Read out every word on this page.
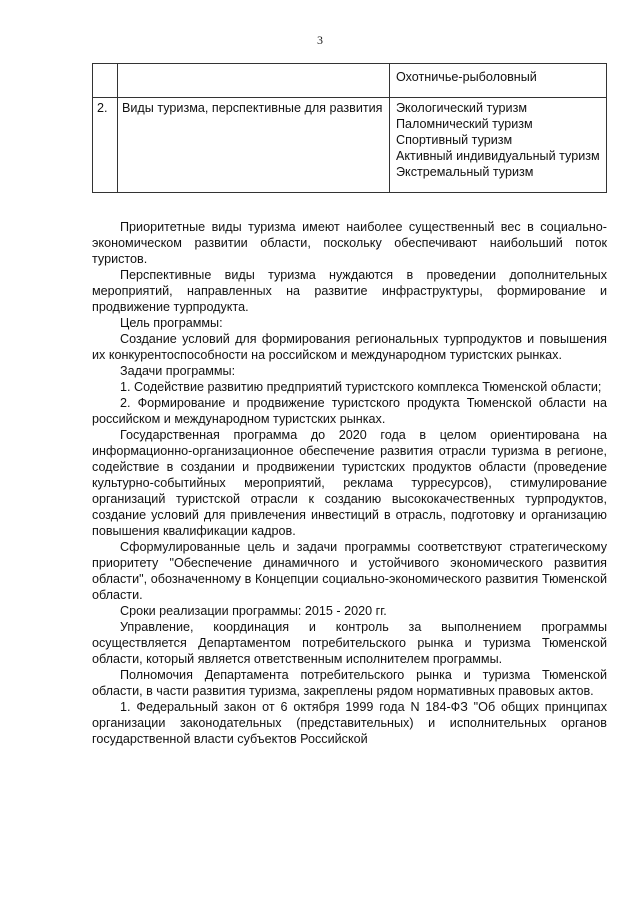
3

		Охотничье-рыболовный

2.	Виды туризма, перспективные для развития	Экологический туризм
Паломнический туризм
Спортивный туризм
Активный индивидуальный туризм
Экстремальный туризм

Приоритетные виды туризма имеют наиболее существенный вес в социально-экономическом развитии области, поскольку обеспечивают наибольший поток туристов.

Перспективные виды туризма нуждаются в проведении дополнительных мероприятий, направленных на развитие инфраструктуры, формирование и продвижение турпродукта.

Цель программы:

Создание условий для формирования региональных турпродуктов и повышения их конкурентоспособности на российском и международном туристских рынках.

Задачи программы:

1. Содействие развитию предприятий туристского комплекса Тюменской области;

2. Формирование и продвижение туристского продукта Тюменской области на российском и международном туристских рынках.

Государственная программа до 2020 года в целом ориентирована на информационно-организационное обеспечение развития отрасли туризма в регионе, содействие в создании и продвижении туристских продуктов области (проведение культурно-событийных мероприятий, реклама турресурсов), стимулирование организаций туристской отрасли к созданию высококачественных турпродуктов, создание условий для привлечения инвестиций в отрасль, подготовку и организацию повышения квалификации кадров.

Сформулированные цель и задачи программы соответствуют стратегическому приоритету "Обеспечение динамичного и устойчивого экономического развития области", обозначенному в Концепции социально-экономического развития Тюменской области.

Сроки реализации программы: 2015 - 2020 гг.

Управление, координация и контроль за выполнением программы осуществляется Департаментом потребительского рынка и туризма Тюменской области, который является ответственным исполнителем программы.

Полномочия Департамента потребительского рынка и туризма Тюменской области, в части развития туризма, закреплены рядом нормативных правовых актов.

1. Федеральный закон от 6 октября 1999 года N 184-ФЗ "Об общих принципах организации законодательных (представительных) и исполнительных органов государственной власти субъектов Российской
